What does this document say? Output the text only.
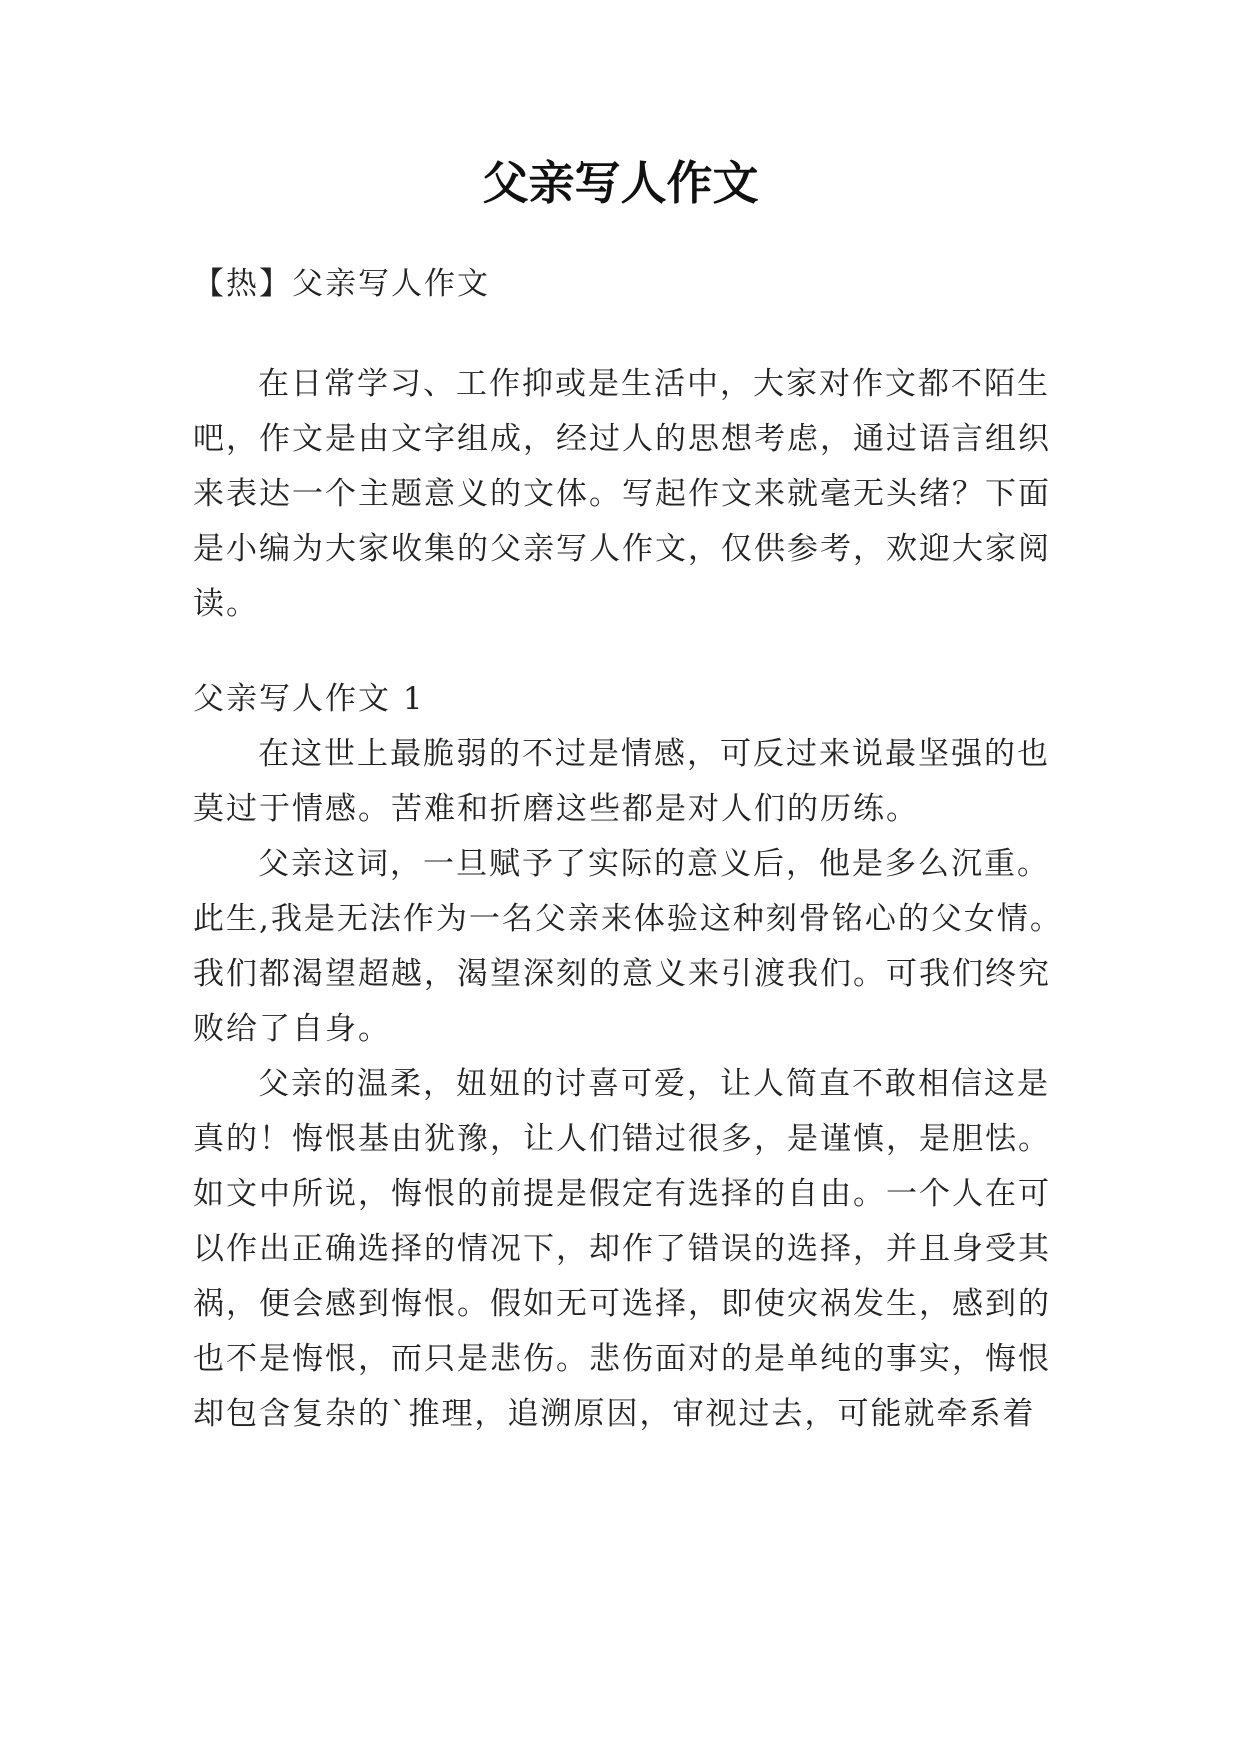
父亲写人作文

【热】父亲写人作文

在日常学习、工作抑或是生活中，大家对作文都不陌生

吧，作文是由文字组成，经过人的思想考虑，通过语言组织

来表达一个主题意义的文体。写起作文来就毫无头绪？下面

是小编为大家收集的父亲写人作文，仅供参考，欢迎大家阅

读。

父亲写人作文 1

在这世上最脆弱的不过是情感，可反过来说最坚强的也

莫过于情感。苦难和折磨这些都是对人们的历练。

父亲这词，一旦赋予了实际的意义后，他是多么沉重。

此生,我是无法作为一名父亲来体验这种刻骨铭心的父女情。

我们都渴望超越，渴望深刻的意义来引渡我们。可我们终究

败给了自身。

父亲的温柔，妞妞的讨喜可爱，让人简直不敢相信这是

真的！悔恨基由犹豫，让人们错过很多，是谨慎，是胆怯。

如文中所说，悔恨的前提是假定有选择的自由。一个人在可

以作出正确选择的情况下，却作了错误的选择，并且身受其

祸，便会感到悔恨。假如无可选择，即使灾祸发生，感到的

也不是悔恨，而只是悲伤。悲伤面对的是单纯的事实，悔恨

却包含复杂的`推理，追溯原因，审视过去，可能就牵系着
